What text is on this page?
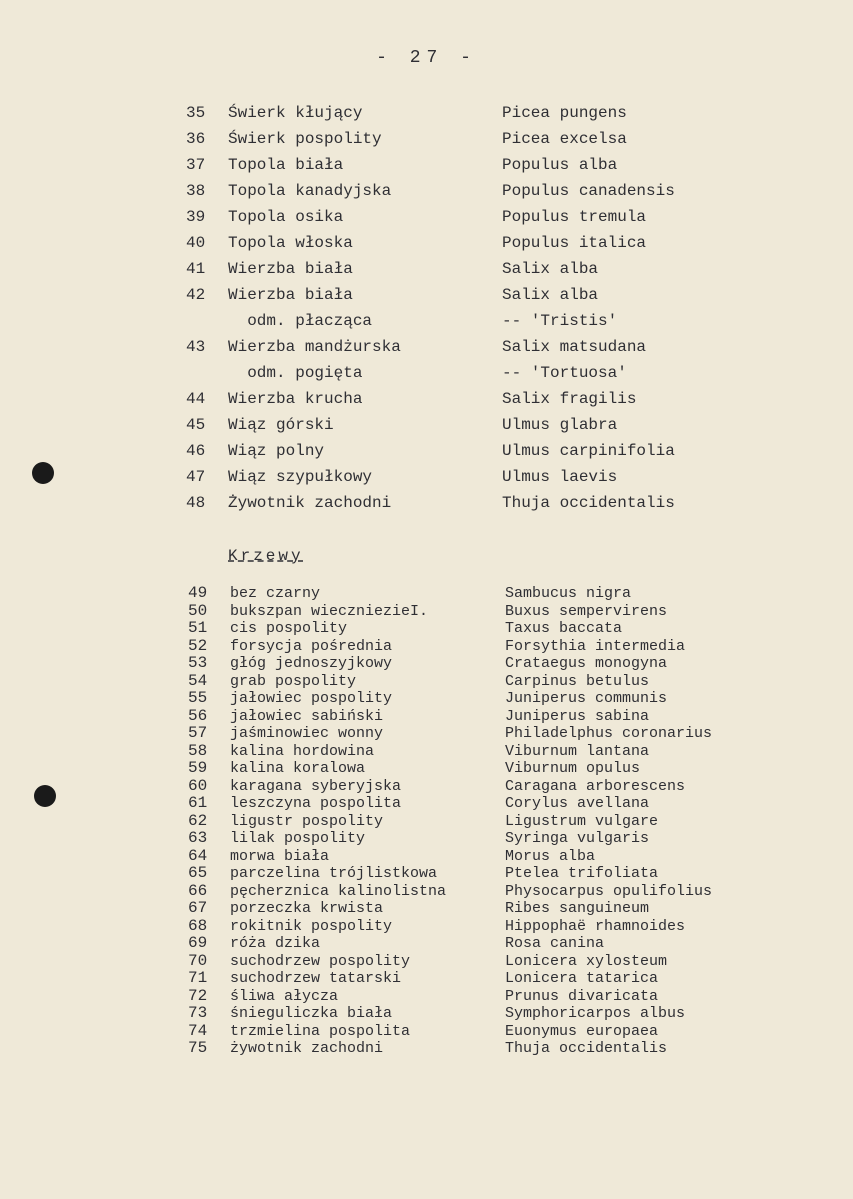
- 27 -
35 Świerk kłujący	Picea pungens
36 Świerk pospolity	Picea excelsa
37 Topola biała	Populus alba
38 Topola kanadyjska	Populus canadensis
39 Topola osika	Populus tremula
40 Topola włoska	Populus italica
41 Wierzba biała	Salix alba
42 Wierzba biała	Salix alba
odm. płacząca	-- 'Tristis'
43 Wierzba mandżurska	Salix matsudana
odm. pogięta	-- 'Tortuosa'
44 Wierzba krucha	Salix fragilis
45 Wiąz górski	Ulmus glabra
46 Wiąz polny	Ulmus carpinifolia
47 Wiąz szypułkowy	Ulmus laevis
48 Żywotnik zachodni	Thuja occidentalis
Krzewy
49 bez czarny	Sambucus nigra
50 bukszpan wieczniezieI.	Buxus sempervirens
51 cis pospolity	Taxus baccata
52 forsycja pośrednia	Forsythia intermedia
53 głóg jednoszyjkowy	Crataegus monogyna
54 grab pospolity	Carpinus betulus
55 jałowiec pospolity	Juniperus communis
56 jałowiec sabiński	Juniperus sabina
57 jaśminowiec wonny	Philadelphus coronarius
58 kalina hordowina	Viburnum lantana
59 kalina koralowa	Viburnum opulus
60 karagana syberyjska	Caragana arborescens
61 leszczyna pospolita	Corylus avellana
62 ligustr pospolity	Ligustrum vulgare
63 lilak pospolity	Syringa vulgaris
64 morwa biała	Morus alba
65 parczelina trójlistkowa	Ptelea trifoliata
66 pęcherznica kalinolistna	Physocarpus opulifolius
67 porzeczka krwista	Ribes sanguineum
68 rokitnik pospolity	Hippophaë rhamnoides
69 róża dzika	Rosa canina
70 suchodrzew pospolity	Lonicera xylosteum
71 suchodrzew tatarski	Lonicera tatarica
72 śliwa ałycza	Prunus divaricata
73 śnieguliczka biała	Symphoricarpos albus
74 trzmielina pospolita	Euonymus europaea
75 żywotnik zachodni	Thuja occidentalis
